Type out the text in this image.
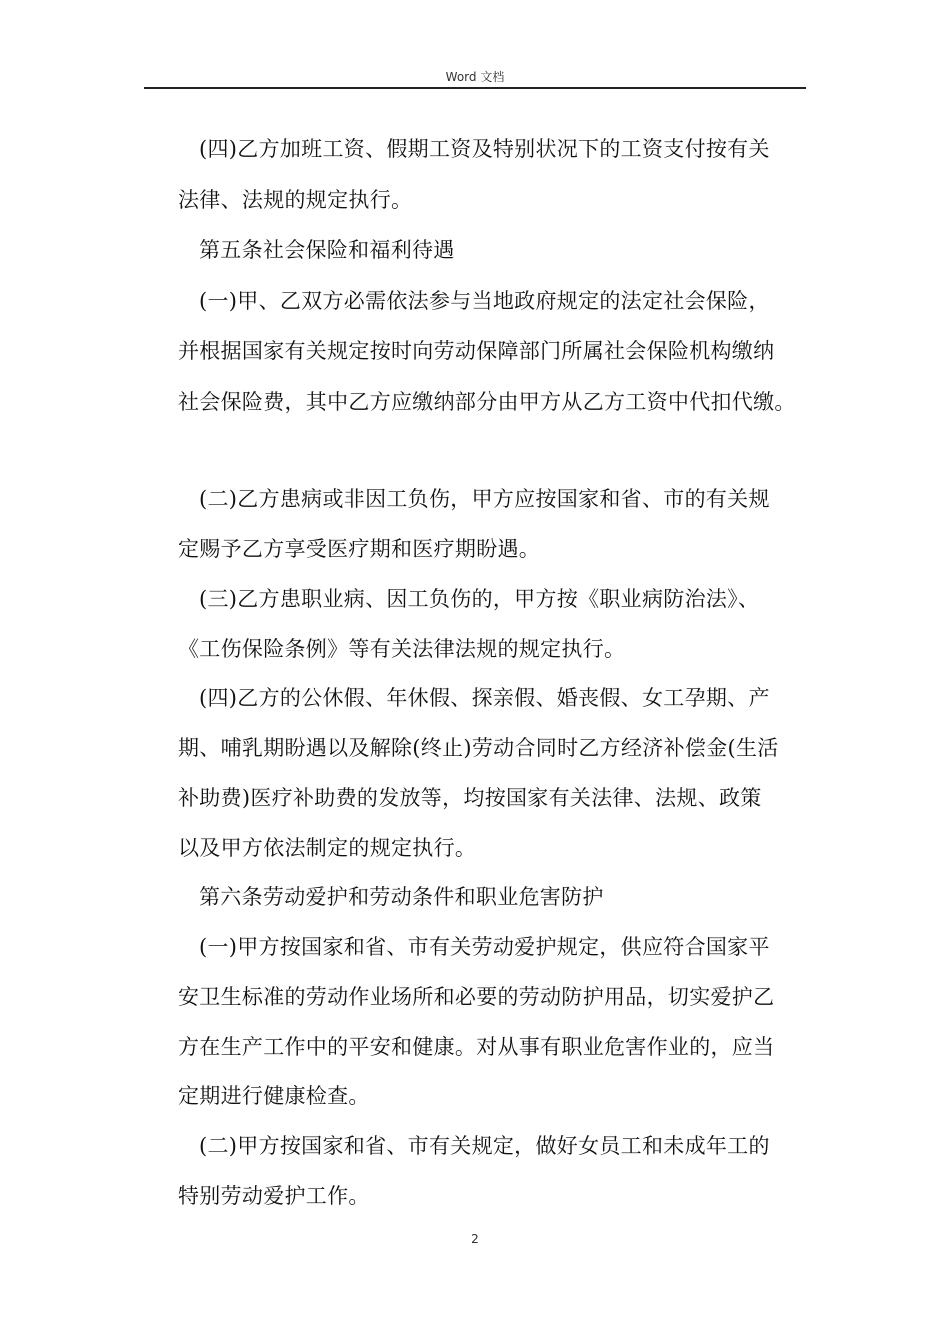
Word 文档
(四)乙方加班工资、假期工资及特别状况下的工资支付按有关
法律、法规的规定执行。
第五条社会保险和福利待遇
(一)甲、乙双方必需依法参与当地政府规定的法定社会保险，
并根据国家有关规定按时向劳动保障部门所属社会保险机构缴纳
社会保险费，其中乙方应缴纳部分由甲方从乙方工资中代扣代缴。
(二)乙方患病或非因工负伤，甲方应按国家和省、市的有关规
定赐予乙方享受医疗期和医疗期盼遇。
(三)乙方患职业病、因工负伤的，甲方按《职业病防治法》、
《工伤保险条例》等有关法律法规的规定执行。
(四)乙方的公休假、年休假、探亲假、婚丧假、女工孕期、产
期、哺乳期盼遇以及解除(终止)劳动合同时乙方经济补偿金(生活
补助费)医疗补助费的发放等，均按国家有关法律、法规、政策
以及甲方依法制定的规定执行。
第六条劳动爱护和劳动条件和职业危害防护
(一)甲方按国家和省、市有关劳动爱护规定，供应符合国家平
安卫生标准的劳动作业场所和必要的劳动防护用品，切实爱护乙
方在生产工作中的平安和健康。对从事有职业危害作业的，应当
定期进行健康检查。
(二)甲方按国家和省、市有关规定，做好女员工和未成年工的
特别劳动爱护工作。
2
